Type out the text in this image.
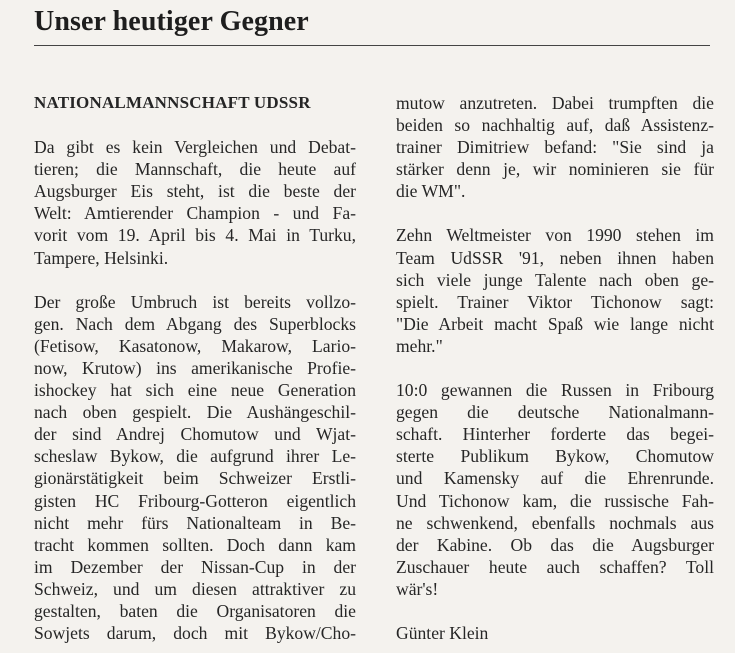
Unser heutiger Gegner
NATIONALMANNSCHAFT UDSSR
Da gibt es kein Vergleichen und Debat-
tieren; die Mannschaft, die heute auf
Augsburger Eis steht, ist die beste der
Welt: Amtierender Champion - und Fa-
vorit vom 19. April bis 4. Mai in Turku,
Tampere, Helsinki.
Der große Umbruch ist bereits vollzo-
gen. Nach dem Abgang des Superblocks
(Fetisow, Kasatonow, Makarow, Lario-
now, Krutow) ins amerikanische Profie-
ishockey hat sich eine neue Generation
nach oben gespielt. Die Aushängeschil-
der sind Andrej Chomutow und Wjat-
scheslaw Bykow, die aufgrund ihrer Le-
gionärstätigkeit beim Schweizer Erstli-
gisten HC Fribourg-Gotteron eigentlich
nicht mehr fürs Nationalteam in Be-
tracht kommen sollten. Doch dann kam
im Dezember der Nissan-Cup in der
Schweiz, und um diesen attraktiver zu
gestalten, baten die Organisatoren die
Sowjets darum, doch mit Bykow/Cho-
mutow anzutreten. Dabei trumpften die
beiden so nachhaltig auf, daß Assistenz-
trainer Dimitriew befand: "Sie sind ja
stärker denn je, wir nominieren sie für
die WM".
Zehn Weltmeister von 1990 stehen im
Team UdSSR '91, neben ihnen haben
sich viele junge Talente nach oben ge-
spielt. Trainer Viktor Tichonow sagt:
"Die Arbeit macht Spaß wie lange nicht
mehr."
10:0 gewannen die Russen in Fribourg
gegen die deutsche Nationalmann-
schaft. Hinterher forderte das begei-
sterte Publikum Bykow, Chomutow
und Kamensky auf die Ehrenrunde.
Und Tichonow kam, die russische Fah-
ne schwenkend, ebenfalls nochmals aus
der Kabine. Ob das die Augsburger
Zuschauer heute auch schaffen? Toll
wär's!
Günter Klein
